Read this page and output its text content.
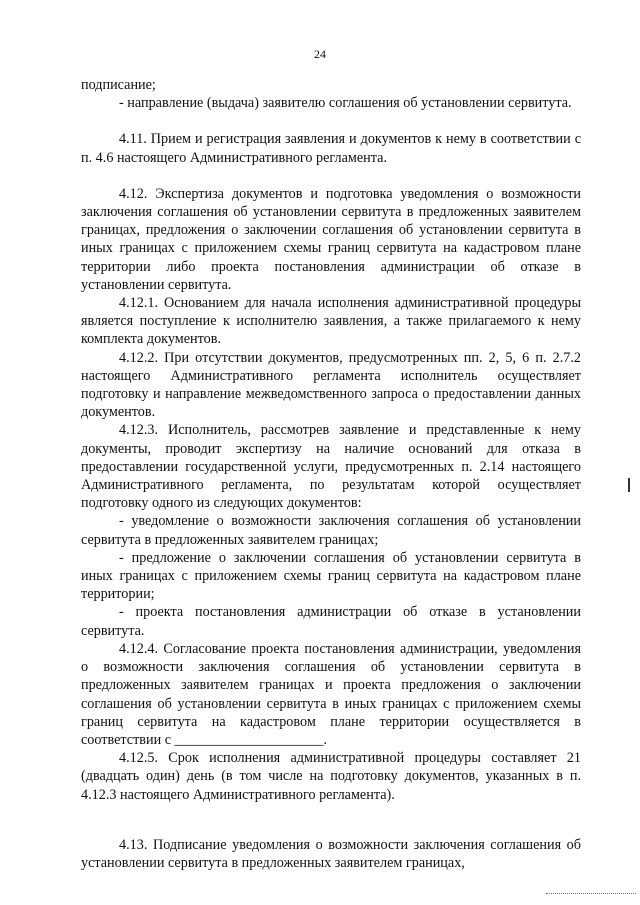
24

подписание;

- направление (выдача) заявителю соглашения об установлении сервитута.

4.11. Прием и регистрация заявления и документов к нему в соответствии с п. 4.6 настоящего Административного регламента.

4.12. Экспертиза документов и подготовка уведомления о возможности заключения соглашения об установлении сервитута в предложенных заявителем границах, предложения о заключении соглашения об установлении сервитута в иных границах с приложением схемы границ сервитута на кадастровом плане территории либо проекта постановления администрации об отказе в установлении сервитута.

4.12.1. Основанием для начала исполнения административной процедуры является поступление к исполнителю заявления, а также прилагаемого к нему комплекта документов.

4.12.2. При отсутствии документов, предусмотренных пп. 2, 5, 6 п. 2.7.2 настоящего Административного регламента исполнитель осуществляет подготовку и направление межведомственного запроса о предоставлении данных документов.

4.12.3. Исполнитель, рассмотрев заявление и представленные к нему документы, проводит экспертизу на наличие оснований для отказа в предоставлении государственной услуги, предусмотренных п. 2.14 настоящего Административного регламента, по результатам которой осуществляет подготовку одного из следующих документов:

- уведомление о возможности заключения соглашения об установлении сервитута в предложенных заявителем границах;

- предложение о заключении соглашения об установлении сервитута в иных границах с приложением схемы границ сервитута на кадастровом плане территории;

- проекта постановления администрации об отказе в установлении сервитута.

4.12.4. Согласование проекта постановления администрации, уведомления о возможности заключения соглашения об установлении сервитута в предложенных заявителем границах и проекта предложения о заключении соглашения об установлении сервитута в иных границах с приложением схемы границ сервитута на кадастровом плане территории осуществляется в соответствии с _____________________.

4.12.5. Срок исполнения административной процедуры составляет 21 (двадцать один) день (в том числе на подготовку документов, указанных в п. 4.12.3 настоящего Административного регламента).

4.13. Подписание уведомления о возможности заключения соглашения об установлении сервитута в предложенных заявителем границах,
